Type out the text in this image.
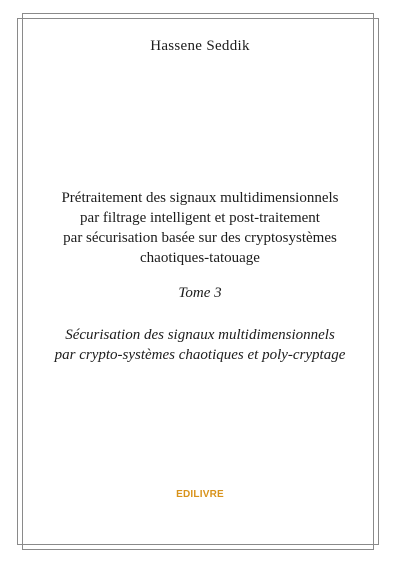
Hassene Seddik
Prétraitement des signaux multidimensionnels
par filtrage intelligent et post-traitement
par sécurisation basée sur des cryptosystèmes
chaotiques-tatouage
Tome 3
Sécurisation des signaux multidimensionnels
par crypto-systèmes chaotiques et poly-cryptage
EDILIVRE
